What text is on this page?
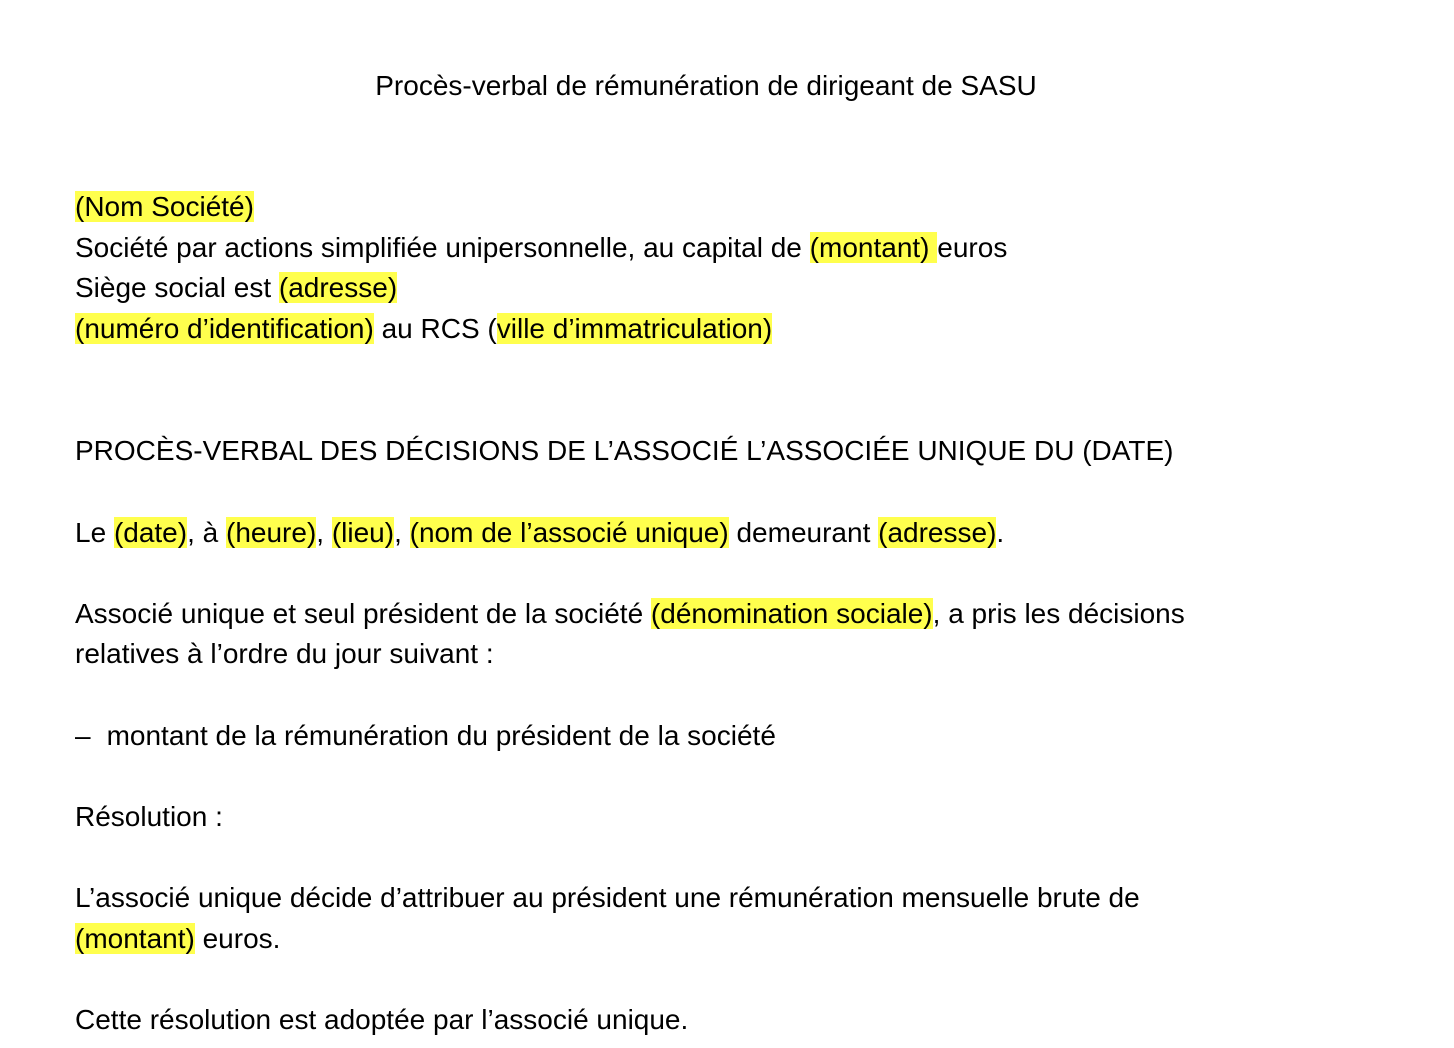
Procès-verbal de rémunération de dirigeant de SASU
(Nom Société)
Société par actions simplifiée unipersonnelle, au capital de (montant) euros
Siège social est (adresse)
(numéro d’identification) au RCS (ville d’immatriculation)
PROCÈS-VERBAL DES DÉCISIONS DE L’ASSOCIÉ L’ASSOCIÉE UNIQUE DU (DATE)
Le (date), à (heure), (lieu), (nom de l’associé unique) demeurant (adresse).
Associé unique et seul président de la société (dénomination sociale), a pris les décisions
relatives à l’ordre du jour suivant :
– montant de la rémunération du président de la société
Résolution :
L’associé unique décide d’attribuer au président une rémunération mensuelle brute de
(montant) euros.
Cette résolution est adoptée par l’associé unique.
